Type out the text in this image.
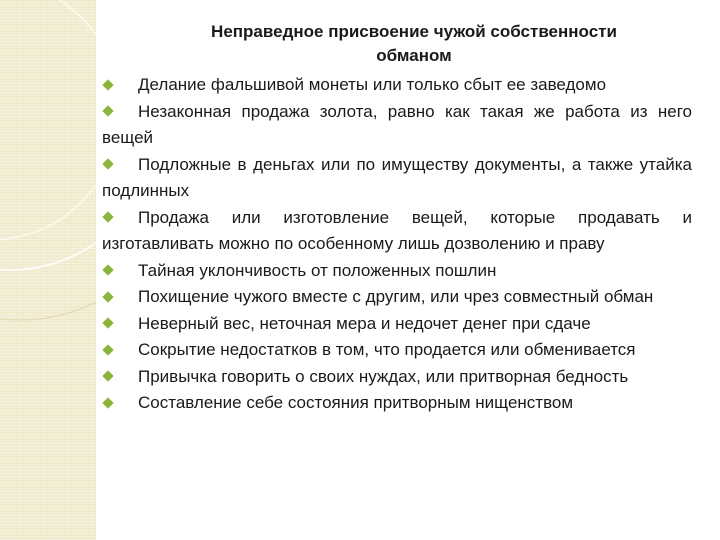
Неправедное присвоение чужой собственности обманом
Делание фальшивой монеты или только сбыт ее заведомо
Незаконная продажа золота, равно как такая же работа из него вещей
Подложные в деньгах или по имуществу документы, а также утайка подлинных
Продажа или изготовление вещей, которые продавать и изготавливать можно по особенному лишь дозволению и праву
Тайная уклончивость от положенных пошлин
Похищение чужого вместе с другим, или чрез совместный обман
Неверный вес, неточная мера и недочет денег при сдаче
Сокрытие недостатков в том, что продается или обменивается
Привычка говорить о своих нуждах, или притворная бедность
Составление себе состояния притворным нищенством
